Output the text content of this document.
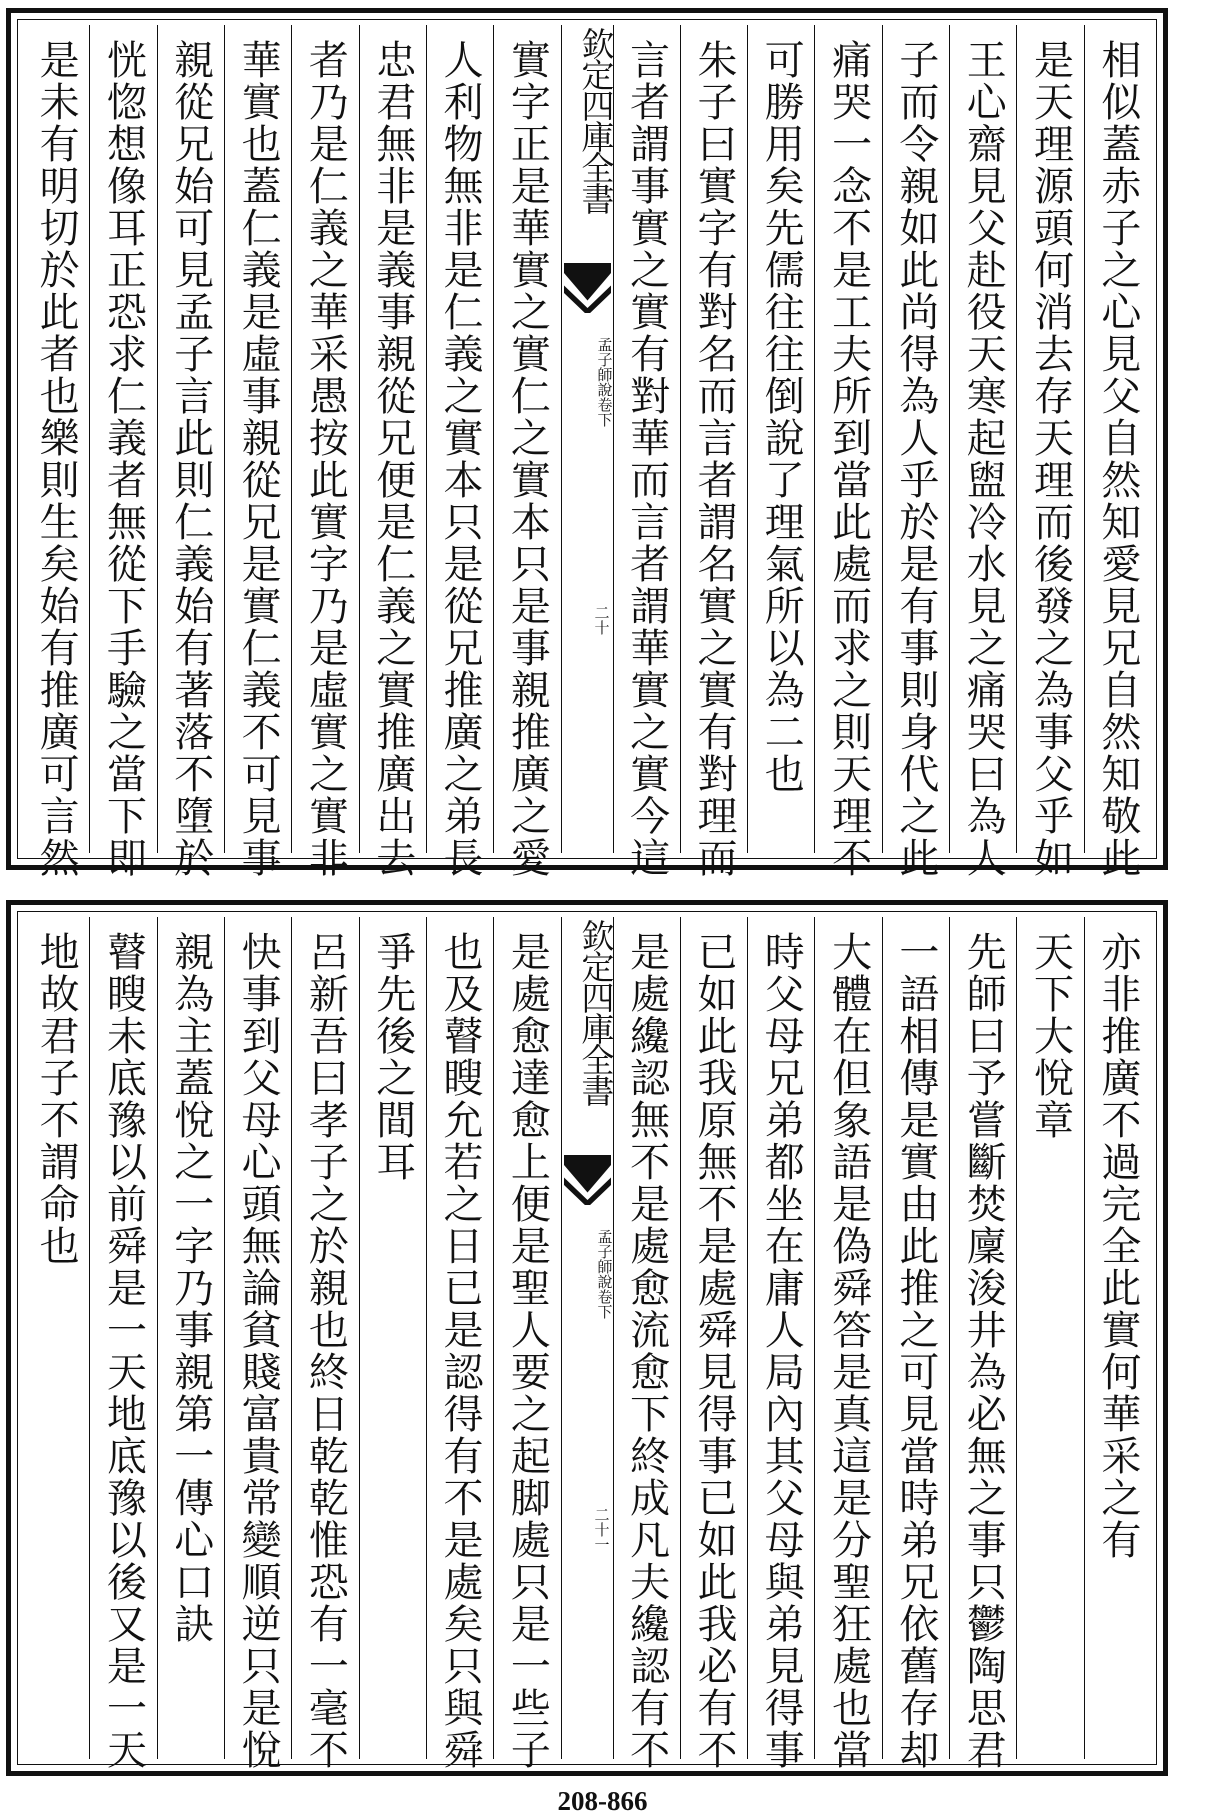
相似蓋赤子之心見父自然知愛見兄自然知敬此
是天理源頭何消去存天理而後發之為事父乎如
王心齋見父赴役天寒起盥冷水見之痛哭曰為人
子而令親如此尚得為人乎於是有事則身代之此
痛哭一念不是工夫所到當此處而求之則天理不
可勝用矣先儒往往倒說了理氣所以為二也
朱子曰實字有對名而言者謂名實之實有對理而
言者謂事實之實有對華而言者謂華實之實今這
欽定四庫全書
孟子師說
卷下
二十
實字正是華實之實仁之實本只是事親推廣之愛
人利物無非是仁義之實本只是從兄推廣之弟長
忠君無非是義事親從兄便是仁義之實推廣出去
者乃是仁義之華采愚按此實字乃是虛實之實非
華實也蓋仁義是虛事親從兄是實仁義不可見事
親從兄始可見孟子言此則仁義始有著落不墮於
恍惚想像耳正恐求仁義者無從下手驗之當下即
是未有明切於此者也樂則生矣始有推廣可言然
亦非推廣不過完全此實何華采之有
天下大悅章
先師曰予嘗斷焚廩浚井為必無之事只鬱陶思君
一語相傳是實由此推之可見當時弟兄依舊存却
大體在但象語是偽舜答是真這是分聖狂處也當
時父母兄弟都坐在庸人局內其父母與弟見得事
已如此我原無不是處舜見得事已如此我必有不
是處纔認無不是處愈流愈下終成凡夫纔認有不
欽定四庫全書
孟子師說
卷下
二十一
是處愈達愈上便是聖人要之起脚處只是一些子
也及瞽瞍允若之日已是認得有不是處矣只與舜
爭先後之間耳
呂新吾曰孝子之於親也終日乾乾惟恐有一毫不
快事到父母心頭無論貧賤富貴常變順逆只是悅
親為主蓋悅之一字乃事親第一傳心口訣
瞽瞍未底豫以前舜是一天地底豫以後又是一天
地故君子不謂命也
208-866
